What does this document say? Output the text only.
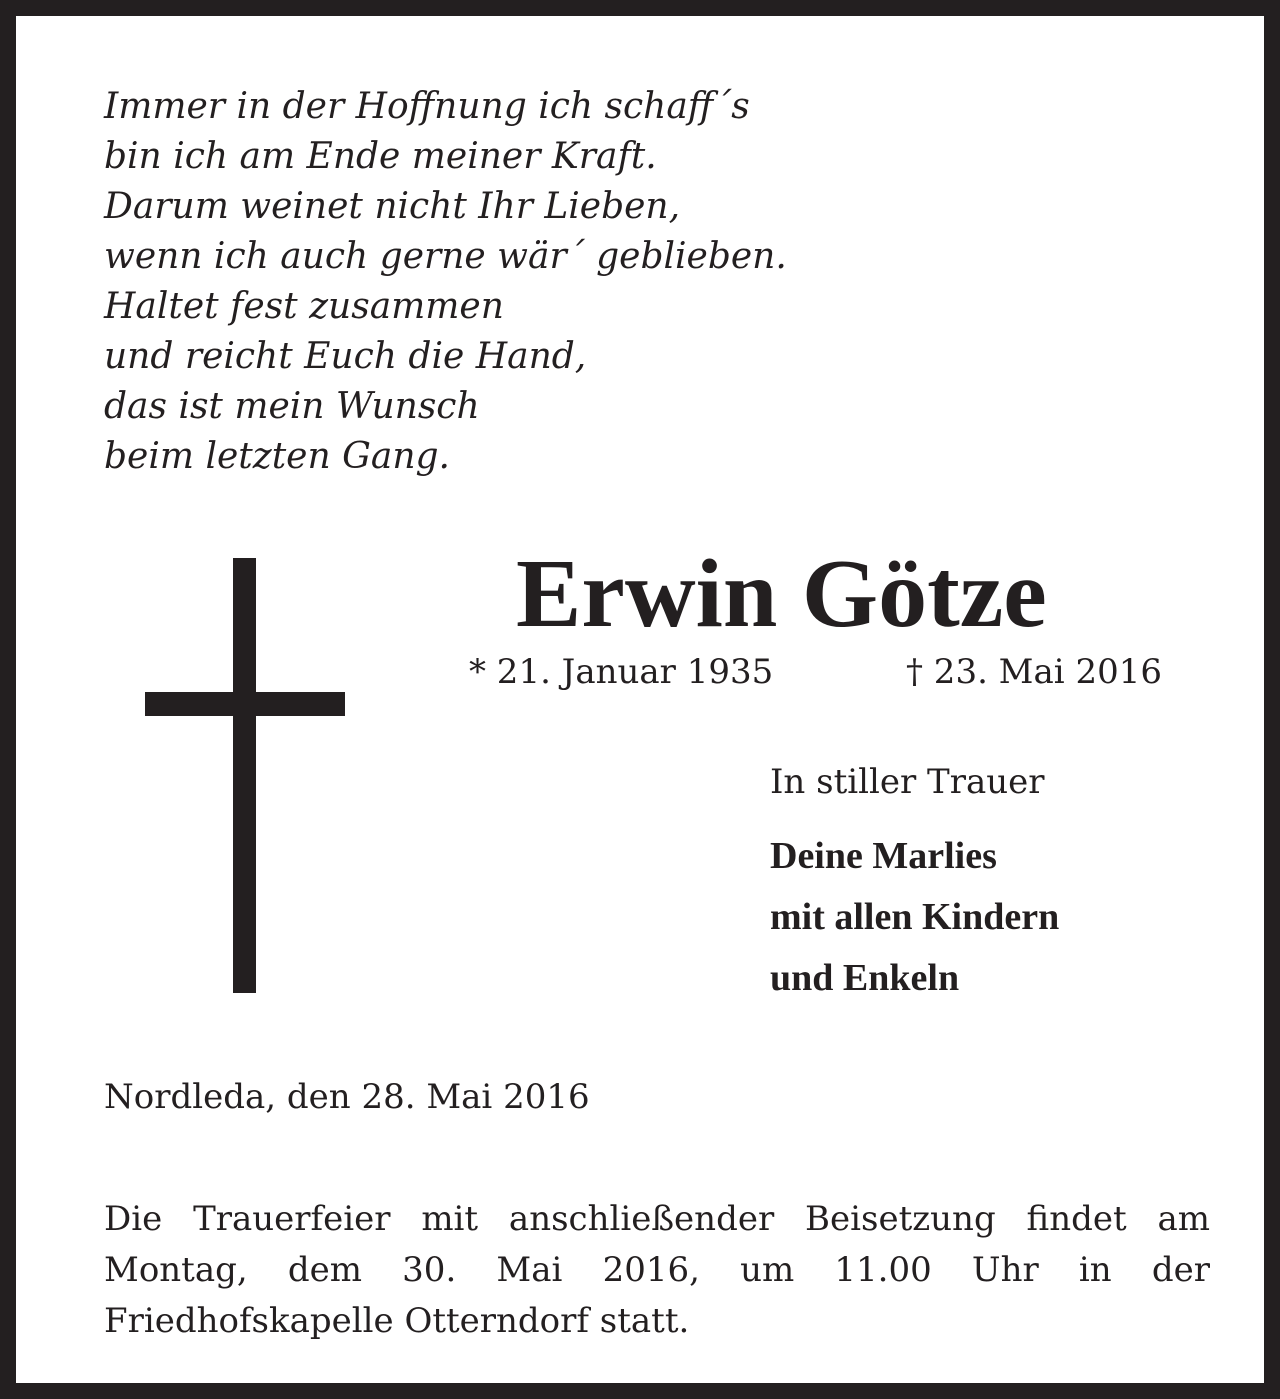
Immer in der Hoffnung ich schaff´s
bin ich am Ende meiner Kraft.
Darum weinet nicht Ihr Lieben,
wenn ich auch gerne wär´ geblieben.
Haltet fest zusammen
und reicht Euch die Hand,
das ist mein Wunsch
beim letzten Gang.

Erwin Götze
* 21. Januar 1935	† 23. Mai 2016
In stiller Trauer
Deine Marlies
mit allen Kindern
und Enkeln
Nordleda, den 28. Mai 2016

Die Trauerfeier mit anschließender Beisetzung findet am Montag, dem 30. Mai 2016, um 11.00 Uhr in der Friedhofskapelle Otterndorf statt.
